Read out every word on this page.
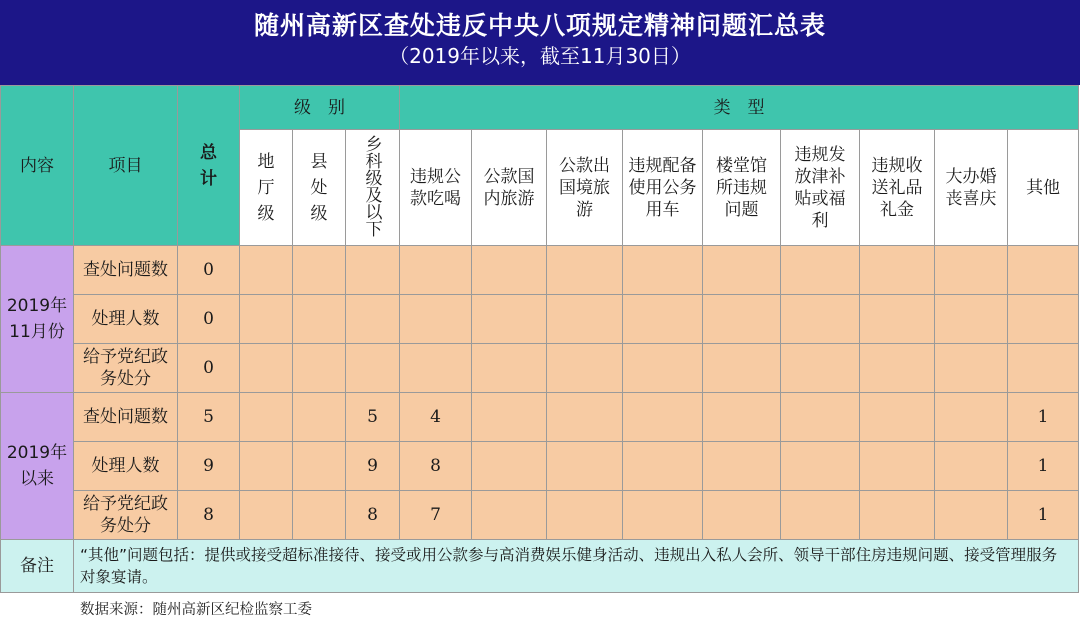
随州高新区查处违反中央八项规定精神问题汇总表
（2019年以来，截至11月30日）
内容	项目	总计	级　别			类　型								

			地厅级	县处级	乡科级及以下	违规公款吃喝	公款国内旅游	公款出国境旅游	违规配备使用公务用车	楼堂馆所违规问题	违规发放津补贴或福利	违规收送礼品礼金	大办婚丧喜庆	其他

2019年11月份	查处问题数	0												

	处理人数	0												

	给予党纪政务处分	0												
2019年以来	查处问题数	5			5	4								1

	处理人数	9			9	8								1

	给予党纪政务处分	8			8	7								1
备注	“其他”问题包括：提供或接受超标准接待、接受或用公款参与高消费娱乐健身活动、违规出入私人会所、领导干部住房违规问题、接受管理服务对象宴请。													
数据来源：随州高新区纪检监察工委
